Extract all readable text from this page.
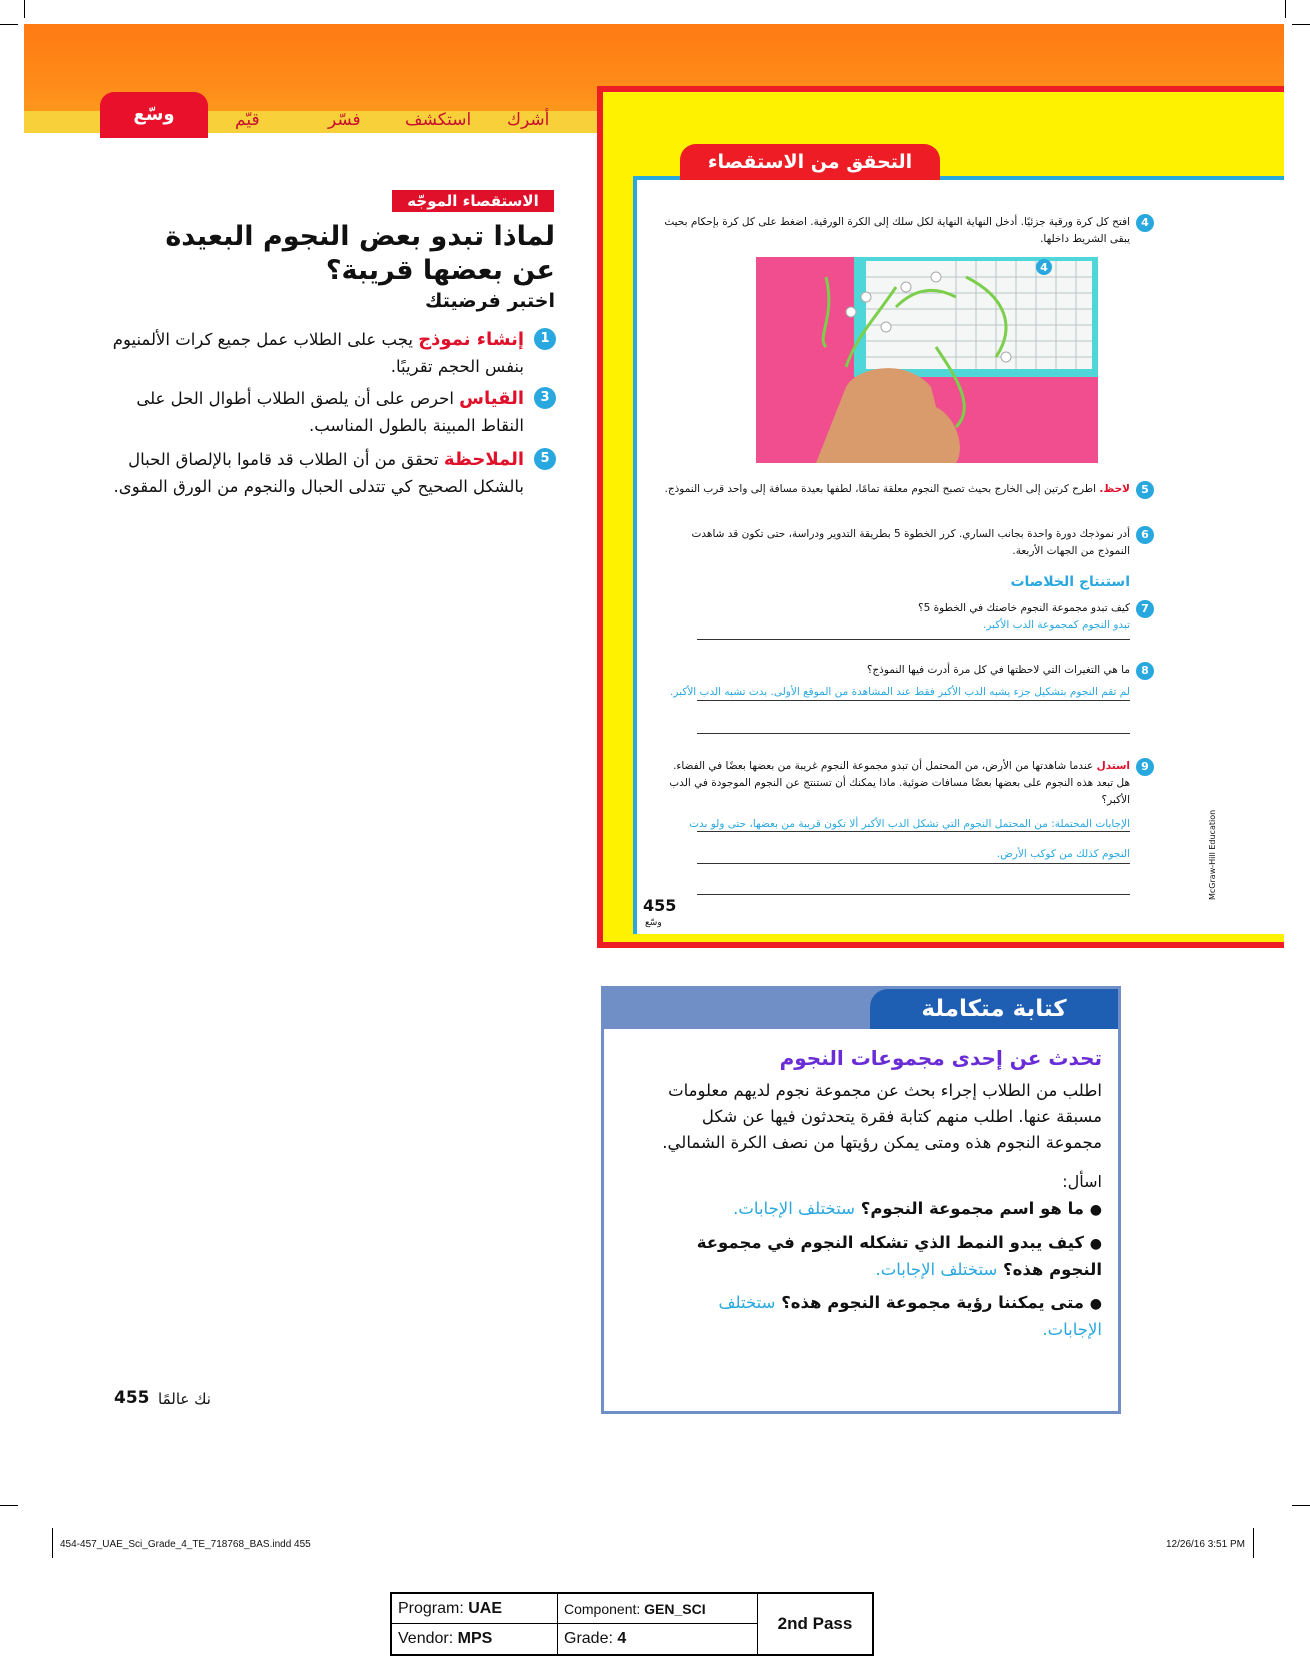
وسّع	قيّم	فسّر	استكشف أشرك
الاستقصاء الموجّه
لماذا تبدو بعض النجوم البعيدة عن بعضها قريبة؟
اختبر فرضيتك
1
إنشاء نموذج يجب على الطلاب عمل جميع كرات الألمنيوم بنفس الحجم تقريبًا.
3
القياس احرص على أن يلصق الطلاب أطوال الحل على النقاط المبينة بالطول المناسب.
5
الملاحظة تحقق من أن الطلاب قد قاموا بالإلصاق الحبال بالشكل الصحيح كي تتدلى الحبال والنجوم من الورق المقوى.
455 نك عالمًا
التحقق من الاستقصاء
4
افتح كل كرة ورقية جزئيًا. أدخل النهاية النهاية لكل سلك إلى الكرة الورقية. اضغط على كل كرة بإحكام بحيث يبقى الشريط داخلها.
4
5
لاحظ. اطرح كرتين إلى الخارج بحيث تصبح النجوم معلقة تمامًا، لطفها بعيدة مسافة إلى واحد قرب النموذج.
6
أدر نموذجك دورة واحدة بجانب الساري. كرر الخطوة 5 بطريقة التدوير ودراسة، حتى تكون قد شاهدت النموذج من الجهات الأربعة.
استنتاج الخلاصات
7
كيف تبدو مجموعة النجوم خاصتك في الخطوة 5؟
تبدو النجوم كمجموعة الدب الأكبر.
8
ما هي التغيرات التي لاحظتها في كل مرة أدرت فيها النموذج؟
لم تقم النجوم بتشكيل جزء يشبه الدب الأكبر فقط عند المشاهدة من الموقع الأولى. بدت تشبه الدب الأكبر.
9
استدل عندما شاهدتها من الأرض، من المحتمل أن تبدو مجموعة النجوم غريبة من بعضها بعضًا في الفضاء. هل تبعد هذه النجوم على بعضها بعضًا مسافات ضوئية. ماذا يمكنك أن تستنتج عن النجوم الموجودة في الدب الأكبر؟
الإجابات المحتملة: من المحتمل النجوم التي تشكل الدب الأكبر ألا تكون قريبة من بعضها، حتى ولو بدت النجوم كذلك من كوكب الأرض.
455
وسّع
McGraw-Hill Education
كتابة متكاملة
تحدث عن إحدى مجموعات النجوم
اطلب من الطلاب إجراء بحث عن مجموعة نجوم لديهم معلومات مسبقة عنها. اطلب منهم كتابة فقرة يتحدثون فيها عن شكل مجموعة النجوم هذه ومتى يمكن رؤيتها من نصف الكرة الشمالي.
اسأل:
● ما هو اسم مجموعة النجوم؟ ستختلف الإجابات.
● كيف يبدو النمط الذي تشكله النجوم في مجموعة النجوم هذه؟ ستختلف الإجابات.
● متى يمكننا رؤية مجموعة النجوم هذه؟ ستختلف الإجابات.
454-457_UAE_Sci_Grade_4_TE_718768_BAS.indd 455	12/26/16 3:51 PM
Program: UAE	Component: GEN_SCI
Vendor: MPS	Grade: 4
2nd Pass
